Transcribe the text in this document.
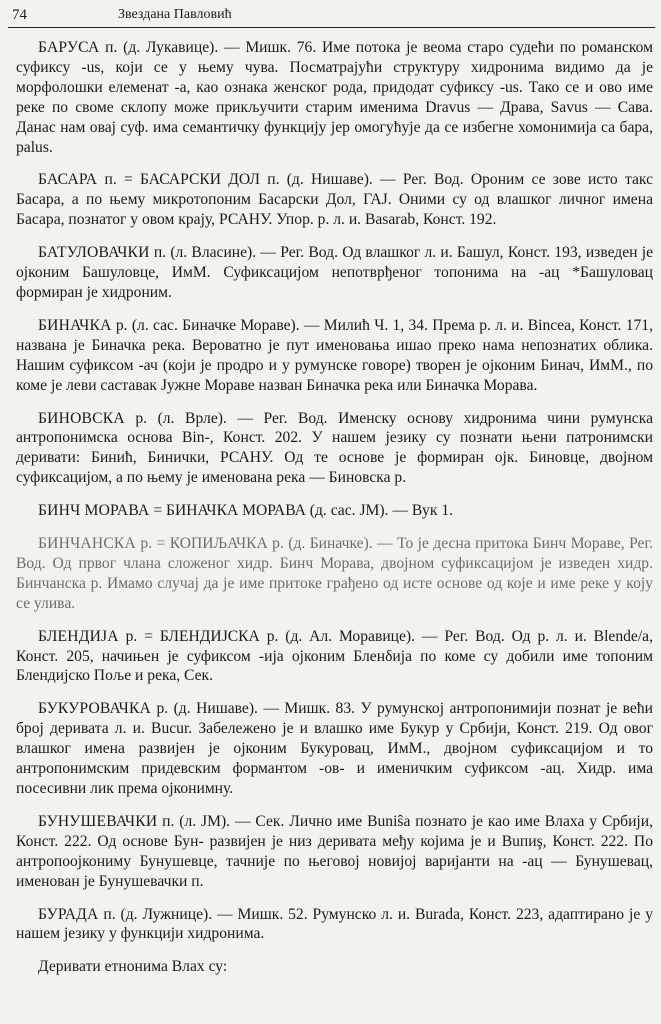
74	Звездана Павловић

БАРУСА п. (д. Лукавице). — Мишк. 76. Име потока је веома старо судећи по романском суфиксу -us, који се у њему чува. Посматрајући структуру хидронима видимо да је морфолошки елеменат -а, као ознака женског рода, придодат суфиксу -us. Тако се и ово име реке по своме склопу може прикључити старим именима Dravus — Драва, Savus — Сава. Данас нам овај суф. има семантичку функцију јер омогућује да се избегне хомонимија са бара, palus.

БАСАРА п. = БАСАРСКИ ДОЛ п. (д. Нишаве). — Рег. Вод. Ороним се зове исто такс Басара, а по њему микротопоним Басарски Дол, ГАЈ. Оними су од влашког личног имена Басара, познатог у овом крају, РСАНУ. Упор. р. л. и. Basarab, Конст. 192.

БАТУЛОВАЧКИ п. (л. Власине). — Рег. Вод. Од влашког л. и. Башул, Конст. 193, изведен је ојконим Башуловце, ИмМ. Суфиксацијом непотврђеног топонима на -ац *Башуловац формиран је хидроним.

БИНАЧКА р. (л. сас. Биначке Мораве). — Милић Ч. 1, 34. Према р. л. и. Bincea, Конст. 171, названа је Биначка река. Вероватно је пут именовања ишао преко нама непознатих облика. Нашим суфиксом -ач (који је продро и у румунске говоре) творен је ојконим Бинач, ИмМ., по коме је леви саставак Јужне Мораве назван Биначка река или Биначка Морава.

БИНОВСКА р. (л. Врле). — Рег. Вод. Именску основу хидронима чини румунска антропонимска основа Bin-, Конст. 202. У нашем језику су познати њени патронимски деривати: Бинић, Бинички, РСАНУ. Од те основе је формиран ојк. Биновце, двојном суфиксацијом, а по њему је именована река — Биновска р.

БИНЧ МОРАВА = БИНАЧКА МОРАВА (д. сас. ЈМ). — Вук 1.

БИНЧАНСКА р. = КОПИЉАЧКА р. (д. Биначке). — То је десна притока Бинч Мораве, Рег. Вод. Од првог члана сложеног хидр. Бинч Морава, двојном суфиксацијом је изведен хидр. Бинчанска р. Имамо случај да је име притоке грађено од исте основе од које и име реке у коју се улива.

БЛЕНДИЈА р. = БЛЕНДИЈСКА р. (д. Ал. Моравице). — Рег. Вод. Од р. л. и. Blende/a, Конст. 205, начињен је суфиксом -ија ојконим Бленδија по коме су добили име топоним Блендијско Поље и река, Сек.

БУКУРОВАЧКА р. (д. Нишаве). — Мишк. 83. У румунској антропонимији познат је већи број деривата л. и. Bucur. Забележено је и влашко име Букур у Србији, Конст. 219. Од овог влашког имена развијен је ојконим Букуровац, ИмМ., двојном суфиксацијом и то антропонимским придевским формантом -ов- и именичким суфиксом -ац. Хидр. има посесивни лик према ојконимну.

БУНУШЕВАЧКИ п. (л. ЈМ). — Сек. Лично име Buniŝa познато је као име Влаха у Србији, Конст. 222. Од основе Бун- развијен је низ деривата међу којима је и Buпиş, Конст. 222. По антропоојкониму Бунушевце, тачније по његовој новијој варијанти на -ац — Бунушевац, именован је Бунушевачки п.

БУРАДА п. (д. Лужнице). — Мишк. 52. Румунско л. и. Burada, Конст. 223, адаптирано је у нашем језику у функцији хидронима.

Деривати етнонима Влах су:
